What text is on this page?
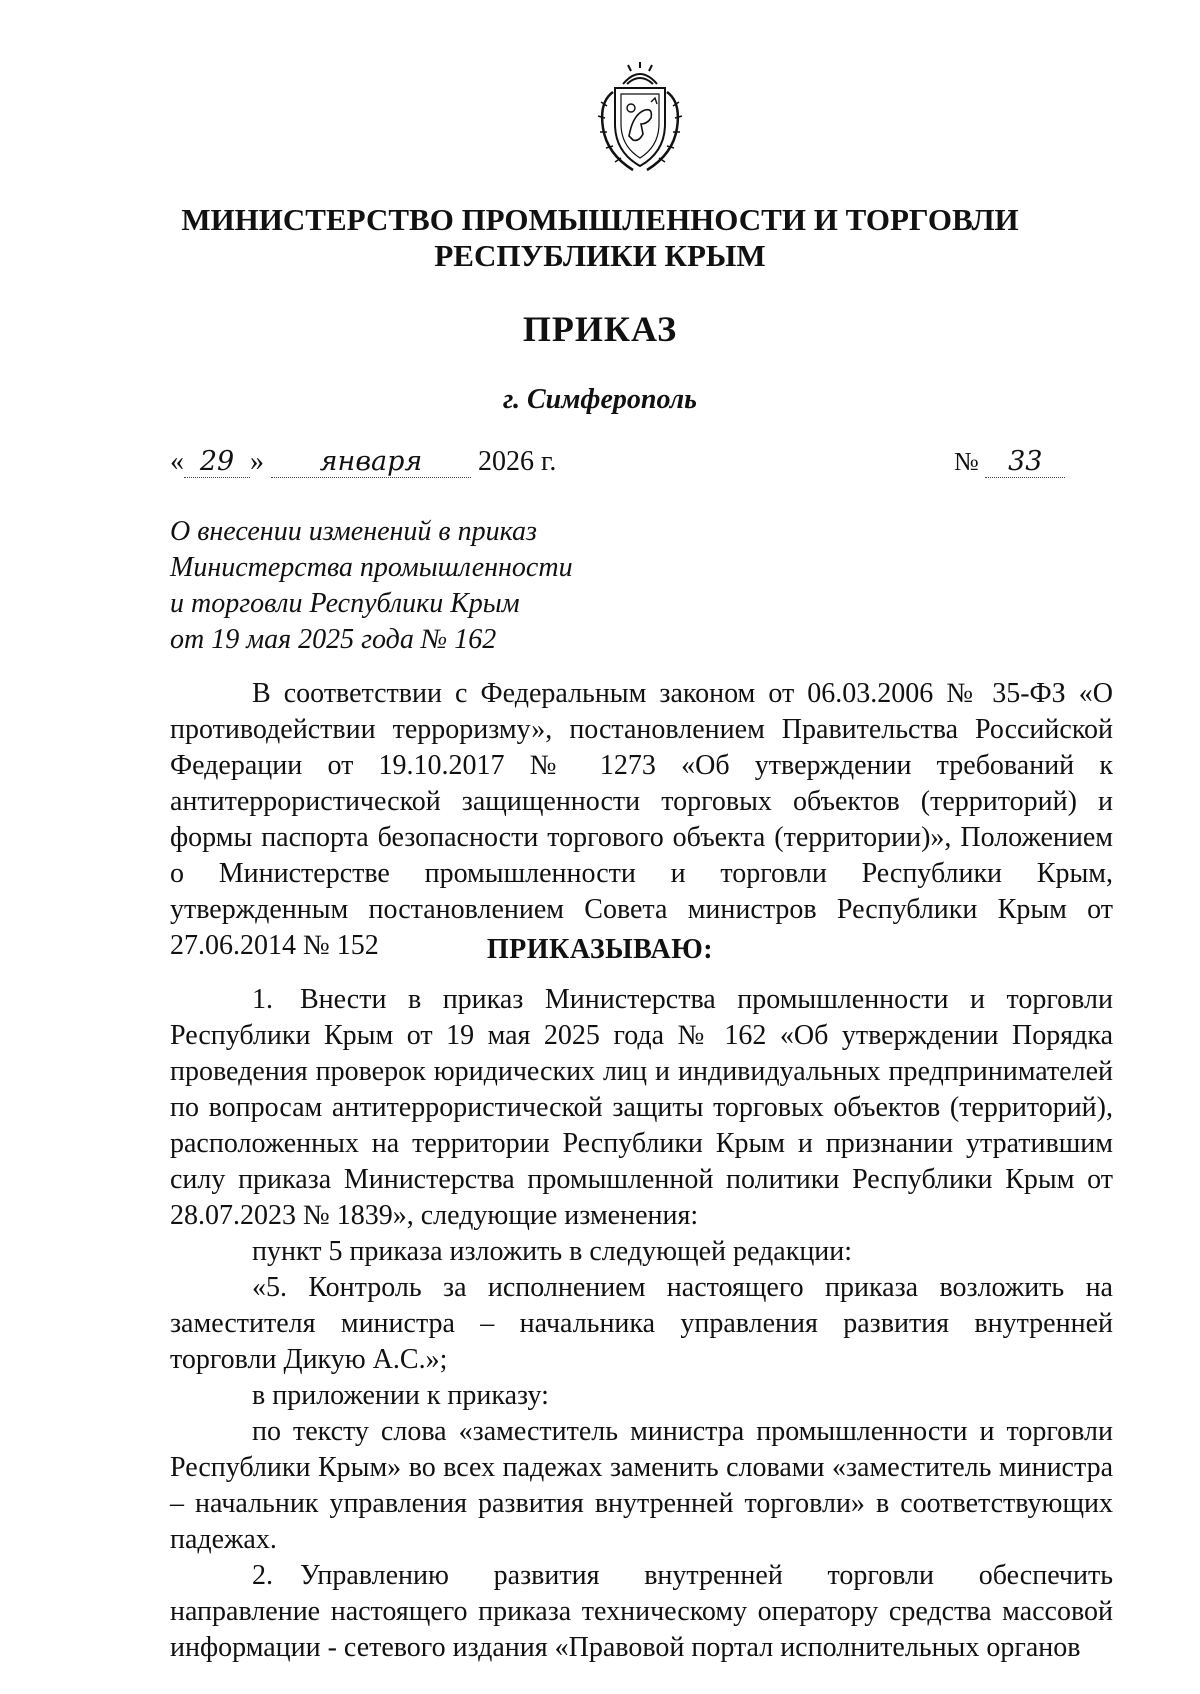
МИНИСТЕРСТВО ПРОМЫШЛЕННОСТИ И ТОРГОВЛИ
РЕСПУБЛИКИ КРЫМ
ПРИКАЗ
г. Симферополь
« 29 » января 2026 г.	№ 33
О внесении изменений в приказ
Министерства промышленности
и торговли Республики Крым
от 19 мая 2025 года № 162

В соответствии с Федеральным законом от 06.03.2006 № 35-ФЗ «О противодействии терроризму», постановлением Правительства Российской Федерации от 19.10.2017 № 1273 «Об утверждении требований к антитеррористической защищенности торговых объектов (территорий) и формы паспорта безопасности торгового объекта (территории)», Положением о Министерстве промышленности и торговли Республики Крым, утвержденным постановлением Совета министров Республики Крым от 27.06.2014 № 152	ПРИКАЗЫВАЮ:

1. Внести в приказ Министерства промышленности и торговли Республики Крым от 19 мая 2025 года № 162 «Об утверждении Порядка проведения проверок юридических лиц и индивидуальных предпринимателей по вопросам антитеррористической защиты торговых объектов (территорий), расположенных на территории Республики Крым и признании утратившим силу приказа Министерства промышленной политики Республики Крым от 28.07.2023 № 1839», следующие изменения:

пункт 5 приказа изложить в следующей редакции:

«5. Контроль за исполнением настоящего приказа возложить на заместителя министра – начальника управления развития внутренней торговли Дикую А.С.»;

в приложении к приказу:

по тексту слова «заместитель министра промышленности и торговли Республики Крым» во всех падежах заменить словами «заместитель министра – начальник управления развития внутренней торговли» в соответствующих падежах.

2. Управлению развития внутренней торговли обеспечить направление настоящего приказа техническому оператору средства массовой информации - сетевого издания «Правовой портал исполнительных органов
